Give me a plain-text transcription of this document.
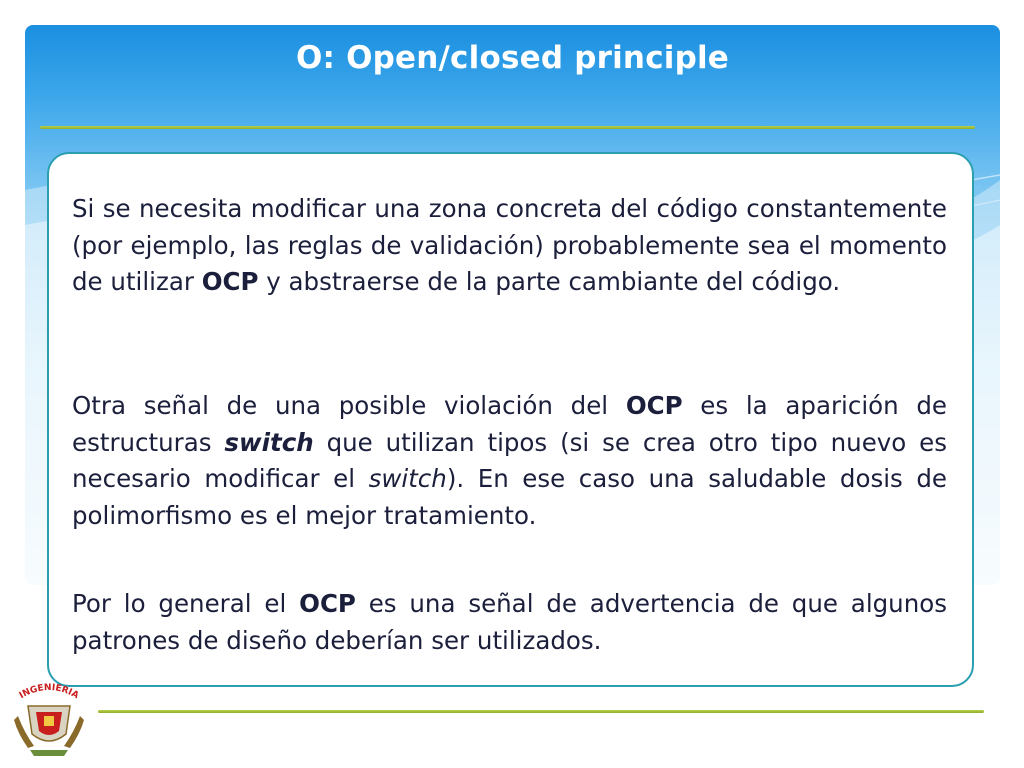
O: Open/closed principle

Si se necesita modificar una zona concreta del código constantemente (por ejemplo, las reglas de validación) probablemente sea el momento de utilizar OCP y abstraerse de la parte cambiante del código.

Otra señal de una posible violación del OCP es la aparición de estructuras switch que utilizan tipos (si se crea otro tipo nuevo es necesario modificar el switch). En ese caso una saludable dosis de polimorfismo es el mejor tratamiento.

Por lo general el OCP es una señal de advertencia de que algunos patrones de diseño deberían ser utilizados.

INGENIERIA
